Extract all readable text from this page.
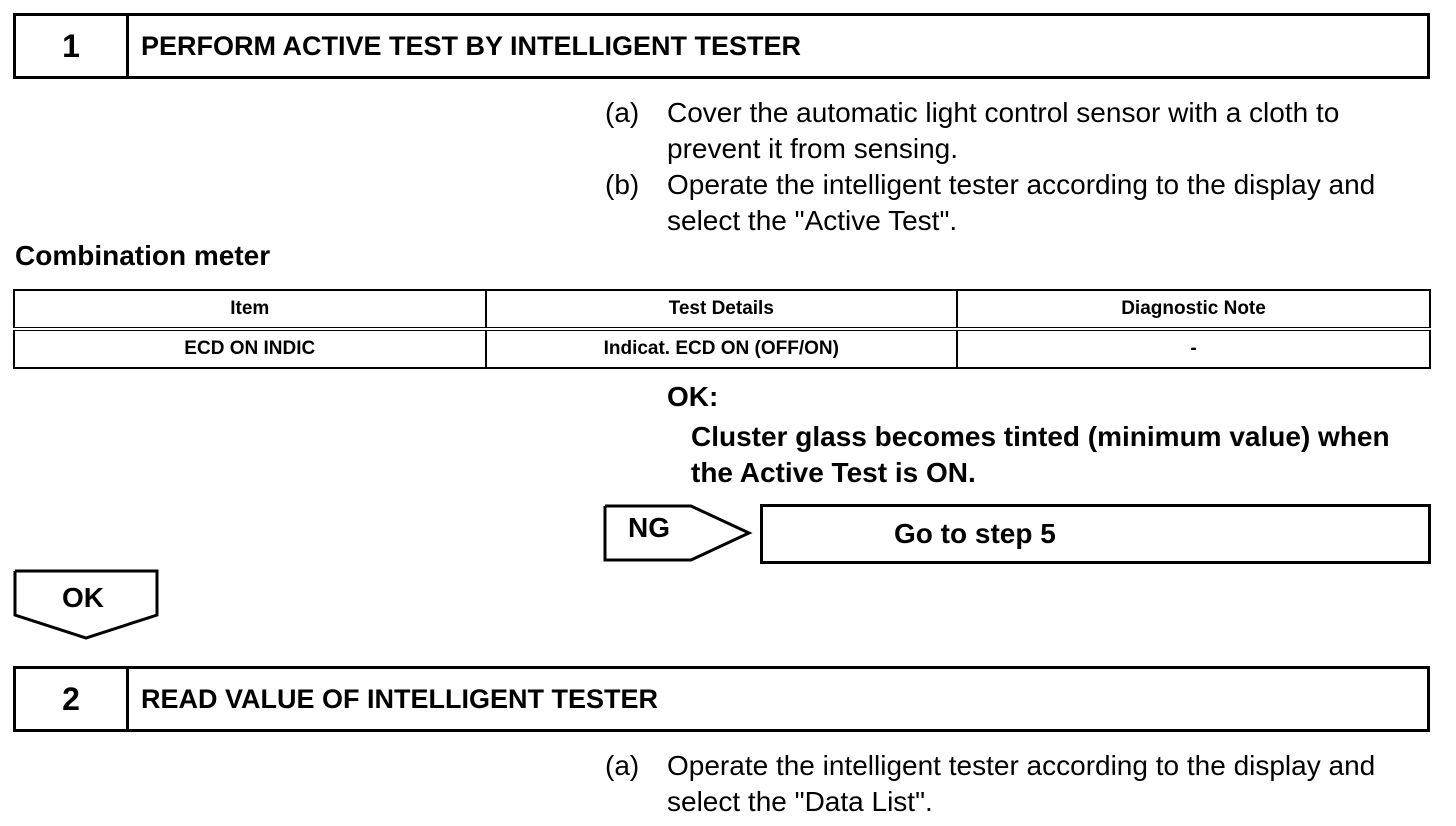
1	PERFORM ACTIVE TEST BY INTELLIGENT TESTER
(a) Cover the automatic light control sensor with a cloth to prevent it from sensing.
(b) Operate the intelligent tester according to the display and select the "Active Test".
Combination meter
Item	Test Details	Diagnostic Note
ECD ON INDIC	Indicat. ECD ON (OFF/ON)	-
OK:
Cluster glass becomes tinted (minimum value) when the Active Test is ON.
NG	Go to step 5
OK
2	READ VALUE OF INTELLIGENT TESTER
(a) Operate the intelligent tester according to the display and select the "Data List".
